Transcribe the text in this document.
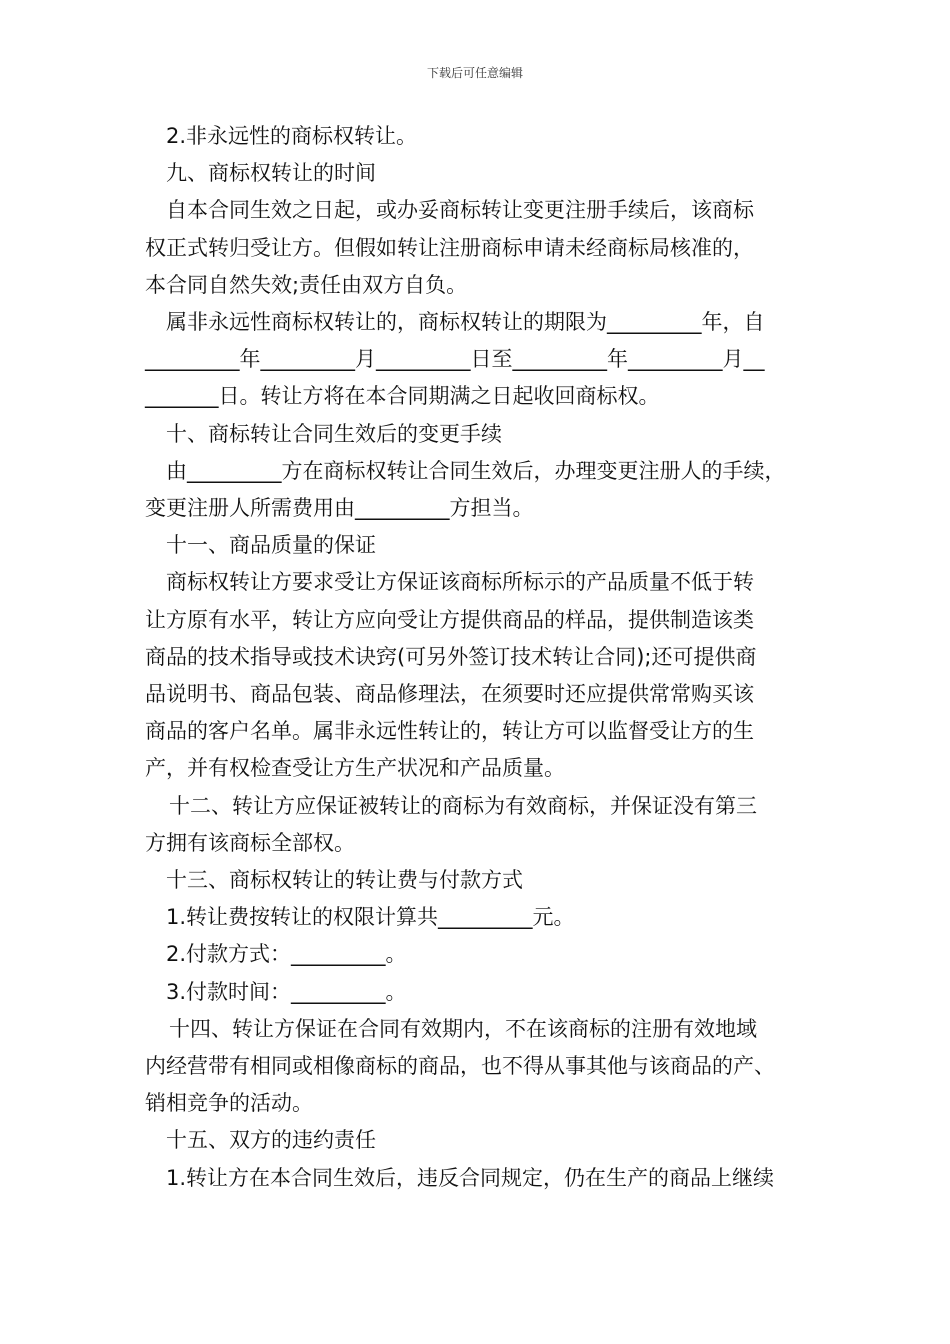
下载后可任意编辑
2.非永远性的商标权转让。
九、商标权转让的时间
自本合同生效之日起，或办妥商标转让变更注册手续后，该商标
权正式转归受让方。但假如转让注册商标申请未经商标局核准的，
本合同自然失效;责任由双方自负。
属非永远性商标权转让的，商标权转让的期限为_________年，自
_________年_________月_________日至_________年_________月__
_______日。转让方将在本合同期满之日起收回商标权。
十、商标转让合同生效后的变更手续
由_________方在商标权转让合同生效后，办理变更注册人的手续，
变更注册人所需费用由_________方担当。
十一、商品质量的保证
商标权转让方要求受让方保证该商标所标示的产品质量不低于转
让方原有水平，转让方应向受让方提供商品的样品，提供制造该类
商品的技术指导或技术诀窍(可另外签订技术转让合同);还可提供商
品说明书、商品包装、商品修理法，在须要时还应提供常常购买该
商品的客户名单。属非永远性转让的，转让方可以监督受让方的生
产，并有权检查受让方生产状况和产品质量。
十二、转让方应保证被转让的商标为有效商标，并保证没有第三
方拥有该商标全部权。
十三、商标权转让的转让费与付款方式
1.转让费按转让的权限计算共_________元。
2.付款方式：_________。
3.付款时间：_________。
十四、转让方保证在合同有效期内，不在该商标的注册有效地域
内经营带有相同或相像商标的商品，也不得从事其他与该商品的产、
销相竞争的活动。
十五、双方的违约责任
1.转让方在本合同生效后，违反合同规定，仍在生产的商品上继续
